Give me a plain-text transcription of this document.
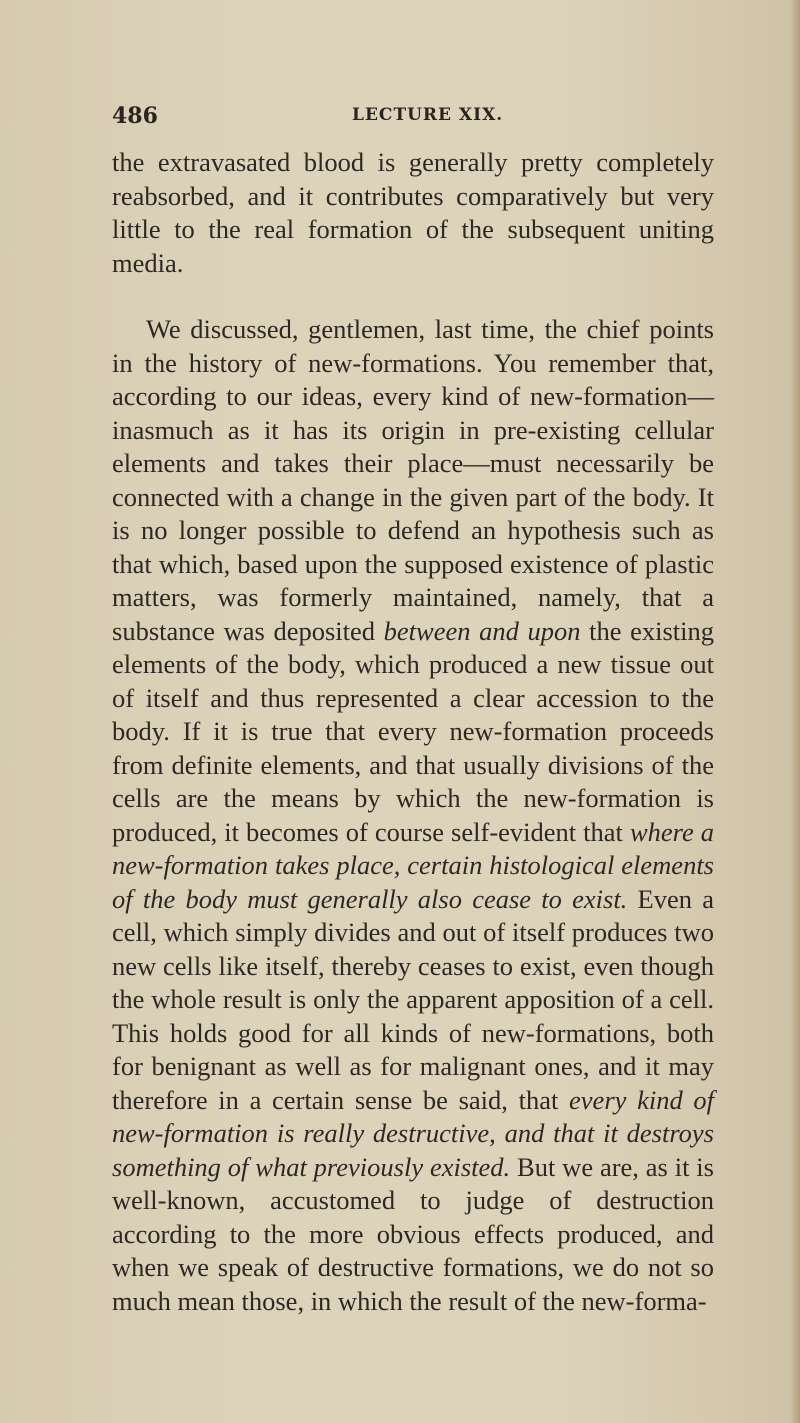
486	LECTURE XIX.

the extravasated blood is generally pretty completely reabsorbed, and it contributes comparatively but very little to the real formation of the subsequent uniting media.

We discussed, gentlemen, last time, the chief points in the history of new-formations. You remember that, according to our ideas, every kind of new-formation—inasmuch as it has its origin in pre-existing cellular elements and takes their place—must necessarily be connected with a change in the given part of the body. It is no longer possible to defend an hypothesis such as that which, based upon the supposed existence of plastic matters, was formerly maintained, namely, that a substance was deposited between and upon the existing elements of the body, which produced a new tissue out of itself and thus represented a clear accession to the body. If it is true that every new-formation proceeds from definite elements, and that usually divisions of the cells are the means by which the new-formation is produced, it becomes of course self-evident that where a new-formation takes place, certain histological elements of the body must generally also cease to exist. Even a cell, which simply divides and out of itself produces two new cells like itself, thereby ceases to exist, even though the whole result is only the apparent apposition of a cell. This holds good for all kinds of new-formations, both for benignant as well as for malignant ones, and it may therefore in a certain sense be said, that every kind of new-formation is really destructive, and that it destroys something of what previously existed. But we are, as it is well-known, accustomed to judge of destruction according to the more obvious effects produced, and when we speak of destructive formations, we do not so much mean those, in which the result of the new-forma-
